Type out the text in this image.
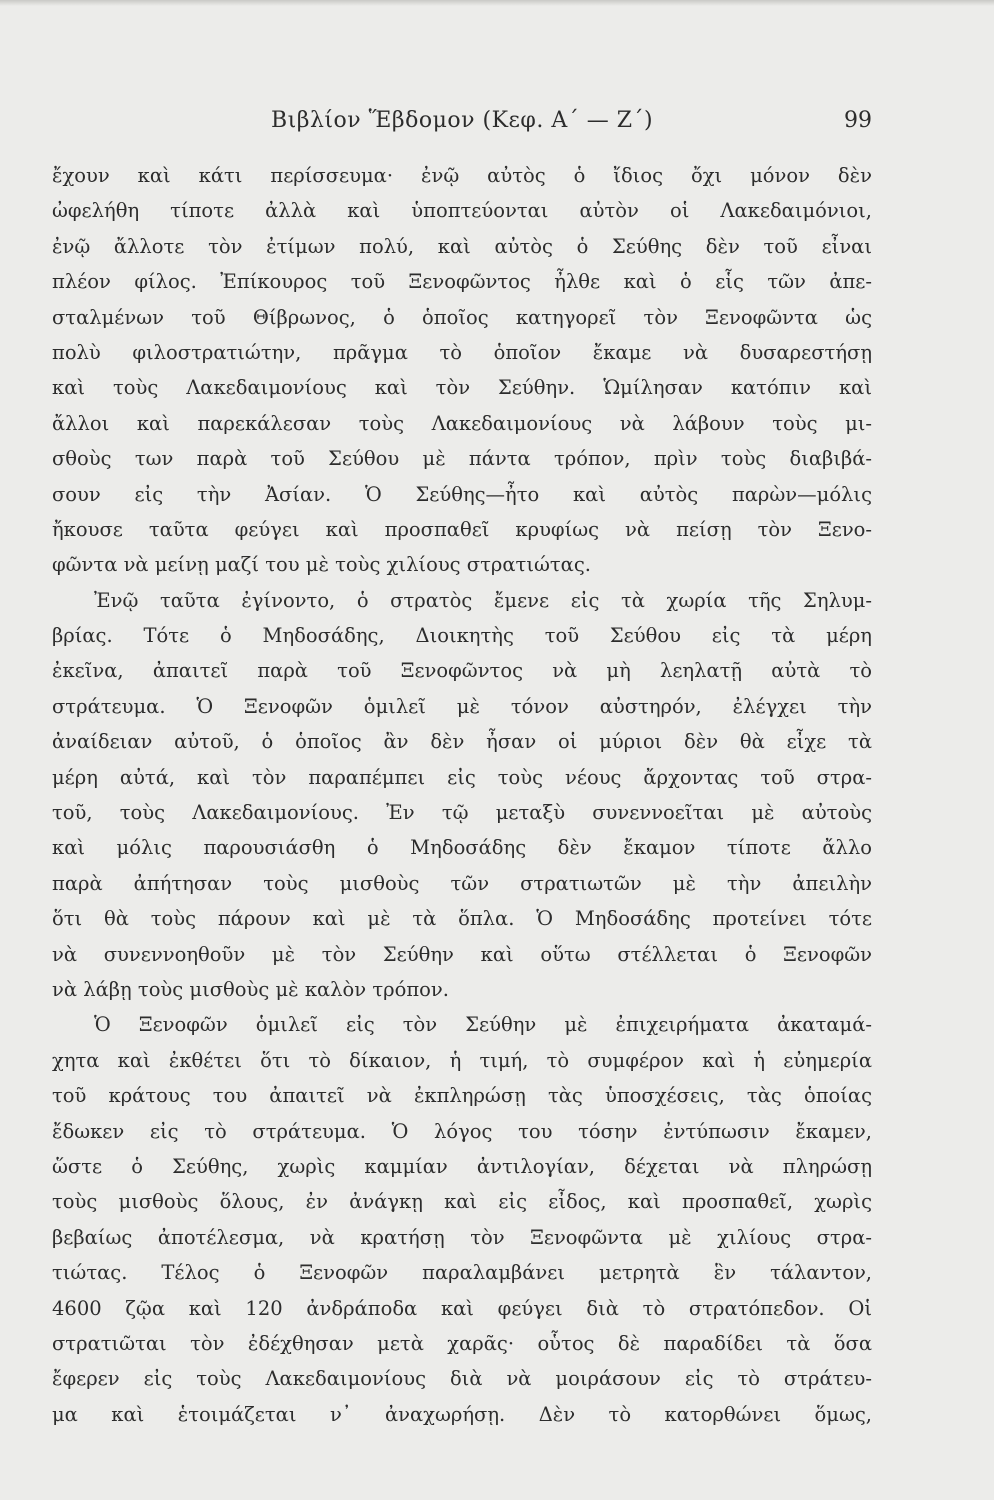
Βιβλίον Ἕβδομον (Κεφ. Α΄ — Ζ΄)	99
ἔχουν καὶ κάτι περίσσευμα· ἐνῷ αὐτὸς ὁ ἴδιος ὄχι μόνον δὲν
ὠφελήθη τίποτε ἀλλὰ καὶ ὑποπτεύονται αὐτὸν οἱ Λακεδαιμόνιοι,
ἐνῷ ἄλλοτε τὸν ἐτίμων πολύ, καὶ αὐτὸς ὁ Σεύθης δὲν τοῦ εἶναι
πλέον φίλος. Ἐπίκουρος τοῦ Ξενοφῶντος ἦλθε καὶ ὁ εἷς τῶν ἀπε-
σταλμένων τοῦ Θίβρωνος, ὁ ὁποῖος κατηγορεῖ τὸν Ξενοφῶντα ὡς
πολὺ φιλοστρατιώτην, πρᾶγμα τὸ ὁποῖον ἔκαμε νὰ δυσαρεστήσῃ
καὶ τοὺς Λακεδαιμονίους καὶ τὸν Σεύθην. Ὡμίλησαν κατόπιν καὶ
ἄλλοι καὶ παρεκάλεσαν τοὺς Λακεδαιμονίους νὰ λάβουν τοὺς μι-
σθοὺς των παρὰ τοῦ Σεύθου μὲ πάντα τρόπον, πρὶν τοὺς διαβιβά-
σουν εἰς τὴν Ἀσίαν. Ὁ Σεύθης—ἦτο καὶ αὐτὸς παρὼν—μόλις
ἤκουσε ταῦτα φεύγει καὶ προσπαθεῖ κρυφίως νὰ πείσῃ τὸν Ξενο-
φῶντα νὰ μείνῃ μαζί του μὲ τοὺς χιλίους στρατιώτας.
Ἐνῷ ταῦτα ἐγίνοντο, ὁ στρατὸς ἔμενε εἰς τὰ χωρία τῆς Σηλυμ-
βρίας. Τότε ὁ Μηδοσάδης, Διοικητὴς τοῦ Σεύθου εἰς τὰ μέρη
ἐκεῖνα, ἀπαιτεῖ παρὰ τοῦ Ξενοφῶντος νὰ μὴ λεηλατῇ αὐτὰ τὸ
στράτευμα. Ὁ Ξενοφῶν ὁμιλεῖ μὲ τόνον αὐστηρόν, ἐλέγχει τὴν
ἀναίδειαν αὐτοῦ, ὁ ὁποῖος ἂν δὲν ἦσαν οἱ μύριοι δὲν θὰ εἶχε τὰ
μέρη αὐτά, καὶ τὸν παραπέμπει εἰς τοὺς νέους ἄρχοντας τοῦ στρα-
τοῦ, τοὺς Λακεδαιμονίους. Ἐν τῷ μεταξὺ συνεννοεῖται μὲ αὐτοὺς
καὶ μόλις παρουσιάσθη ὁ Μηδοσάδης δὲν ἔκαμον τίποτε ἄλλο
παρὰ ἀπήτησαν τοὺς μισθοὺς τῶν στρατιωτῶν μὲ τὴν ἀπειλὴν
ὅτι θὰ τοὺς πάρουν καὶ μὲ τὰ ὅπλα. Ὁ Μηδοσάδης προτείνει τότε
νὰ συνεννοηθοῦν μὲ τὸν Σεύθην καὶ οὕτω στέλλεται ὁ Ξενοφῶν
νὰ λάβῃ τοὺς μισθοὺς μὲ καλὸν τρόπον.
Ὁ Ξενοφῶν ὁμιλεῖ εἰς τὸν Σεύθην μὲ ἐπιχειρήματα ἀκαταμά-
χητα καὶ ἐκθέτει ὅτι τὸ δίκαιον, ἡ τιμή, τὸ συμφέρον καὶ ἡ εὐημερία
τοῦ κράτους του ἀπαιτεῖ νὰ ἐκπληρώσῃ τὰς ὑποσχέσεις, τὰς ὁποίας
ἔδωκεν εἰς τὸ στράτευμα. Ὁ λόγος του τόσην ἐντύπωσιν ἔκαμεν,
ὥστε ὁ Σεύθης, χωρὶς καμμίαν ἀντιλογίαν, δέχεται νὰ πληρώσῃ
τοὺς μισθοὺς ὅλους, ἐν ἀνάγκῃ καὶ εἰς εἶδος, καὶ προσπαθεῖ, χωρὶς
βεβαίως ἀποτέλεσμα, νὰ κρατήσῃ τὸν Ξενοφῶντα μὲ χιλίους στρα-
τιώτας. Τέλος ὁ Ξενοφῶν παραλαμβάνει μετρητὰ ἓν τάλαντον,
4600 ζῷα καὶ 120 ἀνδράποδα καὶ φεύγει διὰ τὸ στρατόπεδον. Οἱ
στρατιῶται τὸν ἐδέχθησαν μετὰ χαρᾶς· οὗτος δὲ παραδίδει τὰ ὅσα
ἔφερεν εἰς τοὺς Λακεδαιμονίους διὰ νὰ μοιράσουν εἰς τὸ στράτευ-
μα καὶ ἑτοιμάζεται ν᾿ ἀναχωρήσῃ. Δὲν τὸ κατορθώνει ὅμως,
